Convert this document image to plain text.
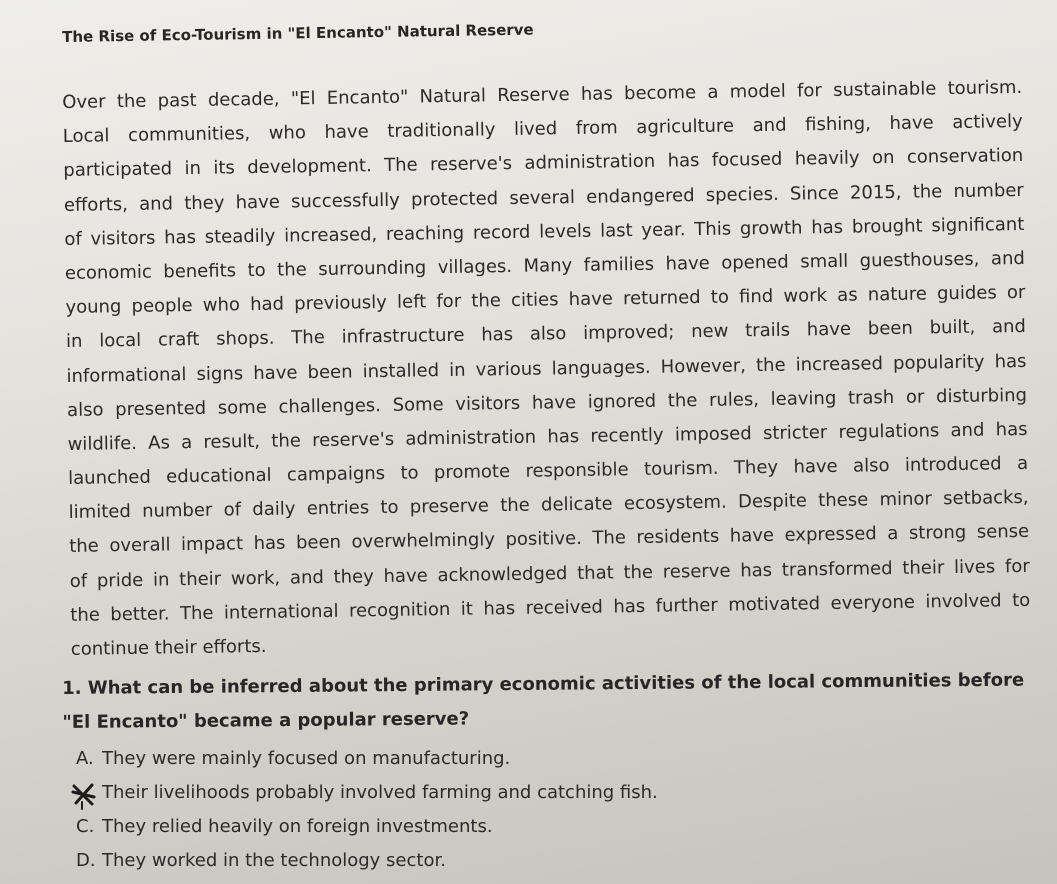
The Rise of Eco-Tourism in "El Encanto" Natural Reserve
Over the past decade, "El Encanto" Natural Reserve has become a model for sustainable tourism.
Local communities, who have traditionally lived from agriculture and fishing, have actively
participated in its development. The reserve's administration has focused heavily on conservation
efforts, and they have successfully protected several endangered species. Since 2015, the number
of visitors has steadily increased, reaching record levels last year. This growth has brought significant
economic benefits to the surrounding villages. Many families have opened small guesthouses, and
young people who had previously left for the cities have returned to find work as nature guides or
in local craft shops. The infrastructure has also improved; new trails have been built, and
informational signs have been installed in various languages. However, the increased popularity has
also presented some challenges. Some visitors have ignored the rules, leaving trash or disturbing
wildlife. As a result, the reserve's administration has recently imposed stricter regulations and has
launched educational campaigns to promote responsible tourism. They have also introduced a
limited number of daily entries to preserve the delicate ecosystem. Despite these minor setbacks,
the overall impact has been overwhelmingly positive. The residents have expressed a strong sense
of pride in their work, and they have acknowledged that the reserve has transformed their lives for
the better. The international recognition it has received has further motivated everyone involved to
continue their efforts.
1. What can be inferred about the primary economic activities of the local communities before
"El Encanto" became a popular reserve?
A. They were mainly focused on manufacturing.
Their livelihoods probably involved farming and catching fish.
C. They relied heavily on foreign investments.
D. They worked in the technology sector.
